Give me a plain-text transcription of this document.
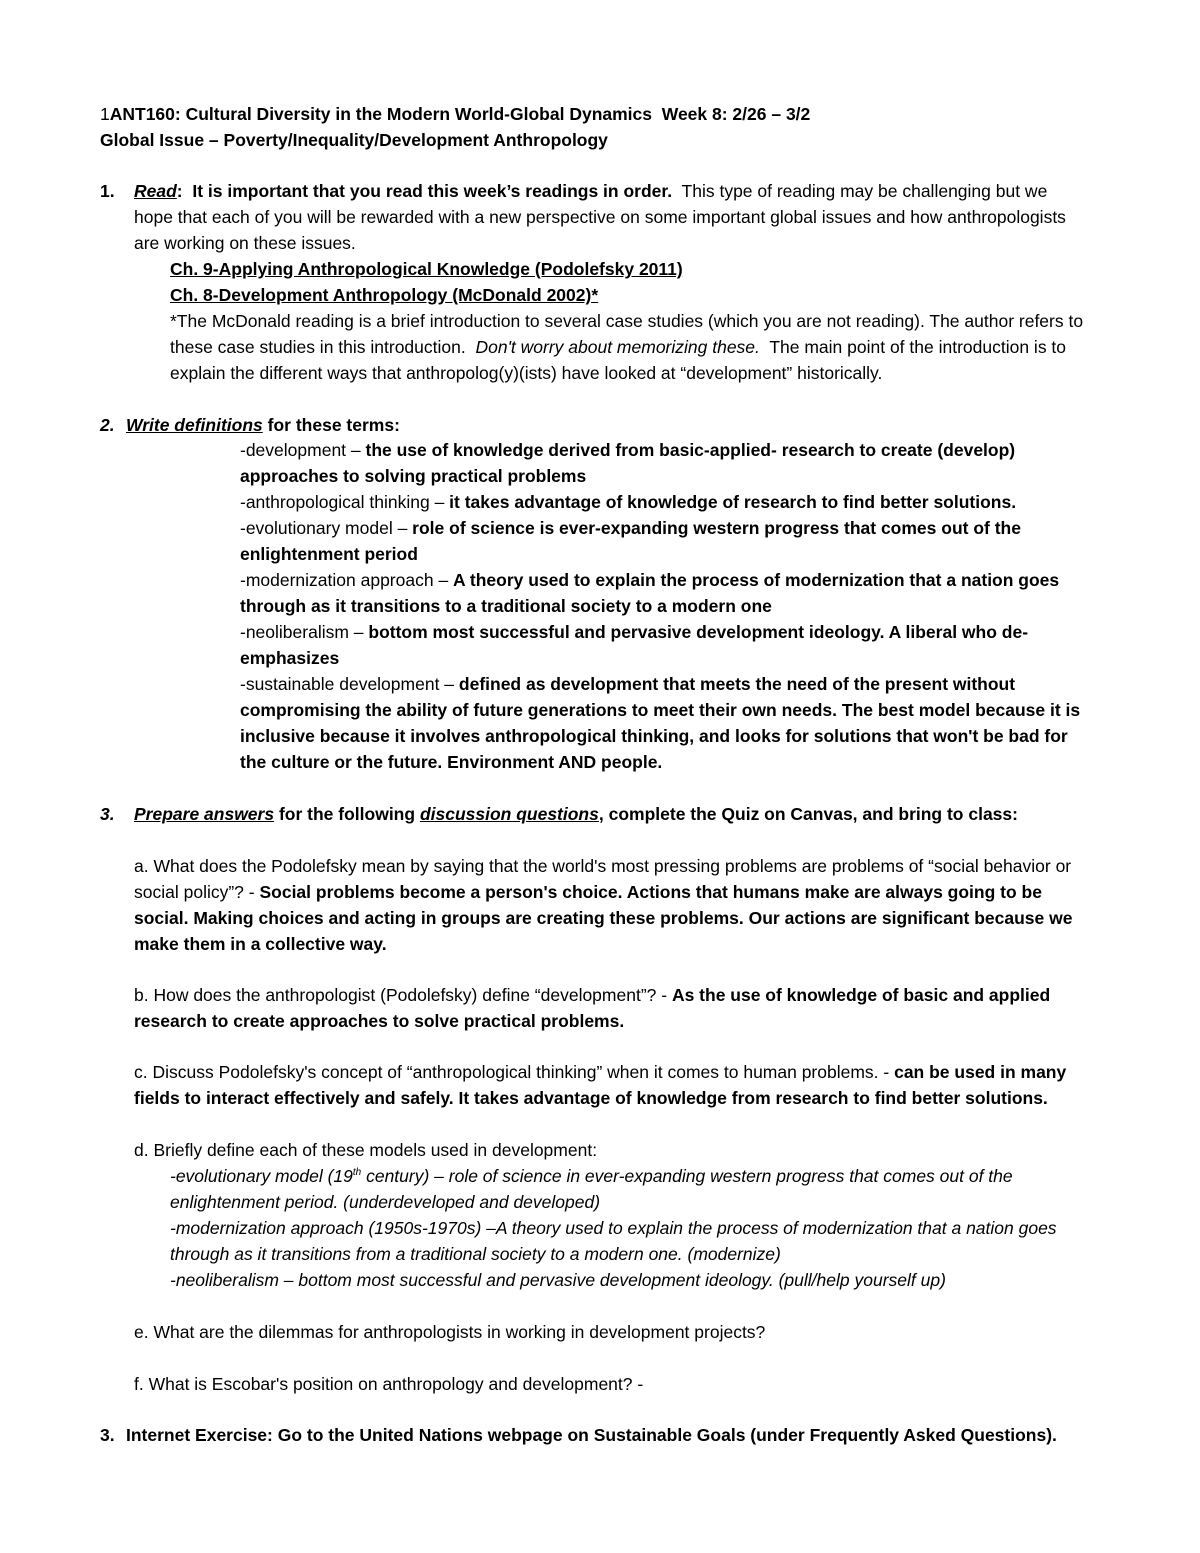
1ANT160: Cultural Diversity in the Modern World-Global Dynamics Week 8: 2/26 – 3/2
Global Issue – Poverty/Inequality/Development Anthropology
1. Read: It is important that you read this week’s readings in order. This type of reading may be challenging but we
hope that each of you will be rewarded with a new perspective on some important global issues and how anthropologists
are working on these issues.
Ch. 9-Applying Anthropological Knowledge (Podolefsky 2011)
Ch. 8-Development Anthropology (McDonald 2002)*
*The McDonald reading is a brief introduction to several case studies (which you are not reading). The author refers to
these case studies in this introduction. Don't worry about memorizing these. The main point of the introduction is to
explain the different ways that anthropolog(y)(ists) have looked at “development” historically.
2. Write definitions for these terms:
-development – the use of knowledge derived from basic-applied- research to create (develop)
approaches to solving practical problems
-anthropological thinking – it takes advantage of knowledge of research to find better solutions.
-evolutionary model – role of science is ever-expanding western progress that comes out of the
enlightenment period
-modernization approach – A theory used to explain the process of modernization that a nation goes
through as it transitions to a traditional society to a modern one
-neoliberalism – bottom most successful and pervasive development ideology. A liberal who de-
emphasizes
-sustainable development – defined as development that meets the need of the present without
compromising the ability of future generations to meet their own needs. The best model because it is
inclusive because it involves anthropological thinking, and looks for solutions that won't be bad for
the culture or the future. Environment AND people.
3. Prepare answers for the following discussion questions, complete the Quiz on Canvas, and bring to class:
a. What does the Podolefsky mean by saying that the world's most pressing problems are problems of “social behavior or
social policy”? - Social problems become a person's choice. Actions that humans make are always going to be
social. Making choices and acting in groups are creating these problems. Our actions are significant because we
make them in a collective way.
b. How does the anthropologist (Podolefsky) define “development”? - As the use of knowledge of basic and applied
research to create approaches to solve practical problems.
c. Discuss Podolefsky's concept of “anthropological thinking” when it comes to human problems. - can be used in many
fields to interact effectively and safely. It takes advantage of knowledge from research to find better solutions.
d. Briefly define each of these models used in development:
-evolutionary model (19th century) – role of science in ever-expanding western progress that comes out of the
enlightenment period. (underdeveloped and developed)
-modernization approach (1950s-1970s) –A theory used to explain the process of modernization that a nation goes
through as it transitions from a traditional society to a modern one. (modernize)
-neoliberalism – bottom most successful and pervasive development ideology. (pull/help yourself up)
e. What are the dilemmas for anthropologists in working in development projects?
f. What is Escobar's position on anthropology and development? -
3. Internet Exercise: Go to the United Nations webpage on Sustainable Goals (under Frequently Asked Questions).
